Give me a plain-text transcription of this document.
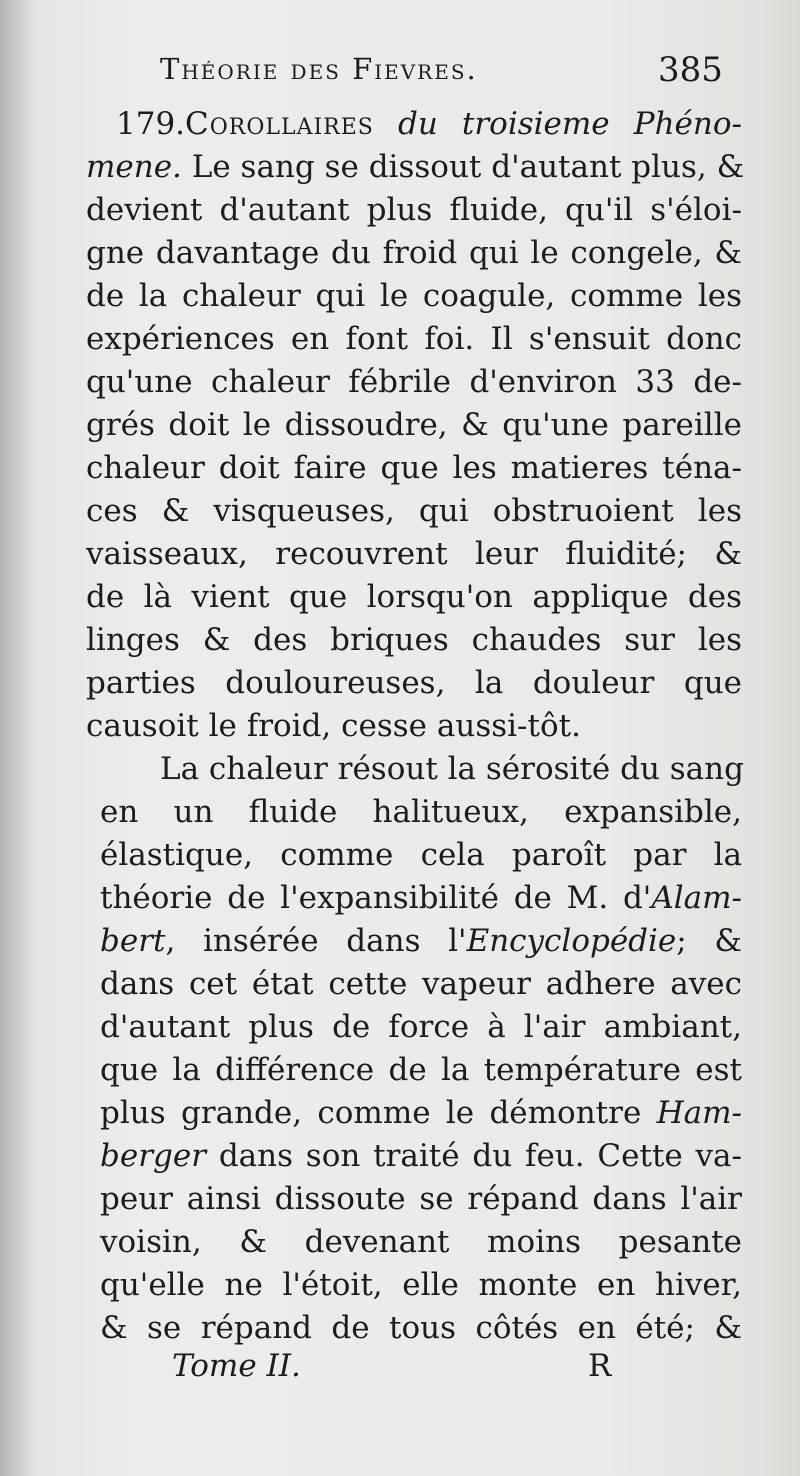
Théorie des Fievres.	385
179.Corollaires du troisieme Phéno-
mene. Le sang se dissout d'autant plus, &
devient d'autant plus fluide, qu'il s'éloi-
gne davantage du froid qui le congele, &
de la chaleur qui le coagule, comme les
expériences en font foi. Il s'ensuit donc
qu'une chaleur fébrile d'environ 33 de-
grés doit le dissoudre, & qu'une pareille
chaleur doit faire que les matieres téna-
ces & visqueuses, qui obstruoient les
vaisseaux, recouvrent leur fluidité; &
de là vient que lorsqu'on applique des
linges & des briques chaudes sur les
parties douloureuses, la douleur que
causoit le froid, cesse aussi-tôt.
La chaleur résout la sérosité du sang
en un fluide halitueux, expansible,
élastique, comme cela paroît par la
théorie de l'expansibilité de M. d'Alam-
bert, insérée dans l'Encyclopédie; &
dans cet état cette vapeur adhere avec
d'autant plus de force à l'air ambiant,
que la différence de la température est
plus grande, comme le démontre Ham-
berger dans son traité du feu. Cette va-
peur ainsi dissoute se répand dans l'air
voisin, & devenant moins pesante
qu'elle ne l'étoit, elle monte en hiver,
& se répand de tous côtés en été; &
Tome II.	R
